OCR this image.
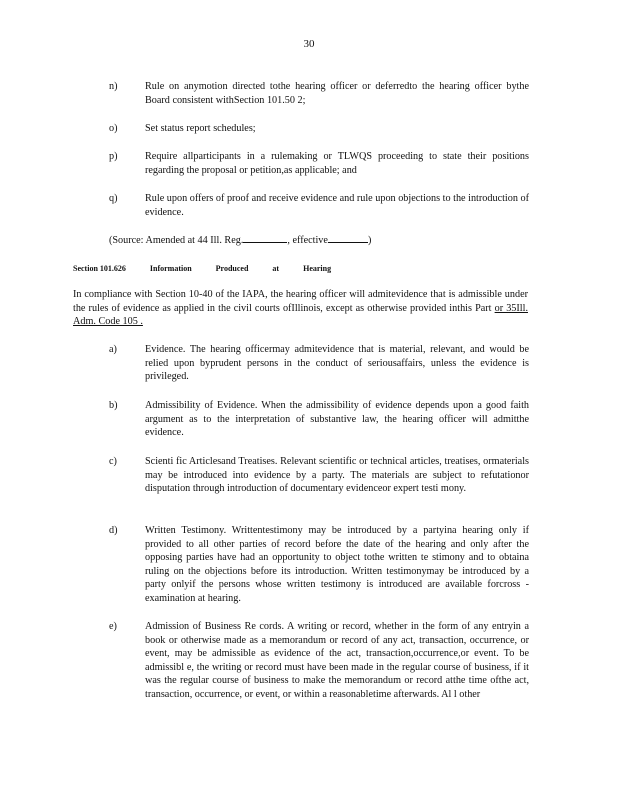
30
n)	Rule on anymotion directed tothe hearing officer or deferredto the hearing officer bythe Board consistent withSection 101.50 2;
o)	Set status report schedules;
p)	Require allparticipants in a rulemaking or TLWQS proceeding to state their positions regarding the proposal or petition,as applicable; and
q)	Rule upon offers of proof and receive evidence and rule upon objections to the introduction of evidence.
(Source: Amended at 44 Ill. Reg.	, effective	)
Section 101.626	Information	Produced	at	Hearing
In compliance with Section 10-40 of the IAPA, the hearing officer will admitevidence that is admissible under the rules of evidence as applied in the civil courts ofIllinois, except as otherwise provided inthis Part or 35Ill. Adm. Code 105 .
a)	Evidence. The hearing officermay admitevidence that is material, relevant, and would be relied upon byprudent persons in the conduct of seriousaffairs, unless the evidence is privileged.
b)	Admissibility of Evidence. When the admissibility of evidence depends upon a good faith argument as to the interpretation of substantive law, the hearing officer will admitthe evidence.
c)	Scienti fic Articlesand Treatises. Relevant scientific or technical articles, treatises, ormaterials may be introduced into evidence by a party. The materials are subject to refutationor disputation through introduction of documentary evidenceor expert testi mony.
d)	Written Testimony. Writtentestimony may be introduced by a partyina hearing only if provided to all other parties of record before the date of the hearing and only after the opposing parties have had an opportunity to object tothe written te stimony and to obtaina ruling on the objections before its introduction. Written testimonymay be introduced by a party onlyif the persons whose written testimony is introduced are available forcross - examination at hearing.
e)	Admission of Business Re cords. A writing or record, whether in the form of any entryin a book or otherwise made as a memorandum or record of any act, transaction, occurrence, or event, may be admissible as evidence of the act, transaction,occurrence,or event. To be admissibl e, the writing or record must have been made in the regular course of business, if it was the regular course of business to make the memorandum or record atthe time ofthe act, transaction, occurrence, or event, or within a reasonabletime afterwards. Al l other
